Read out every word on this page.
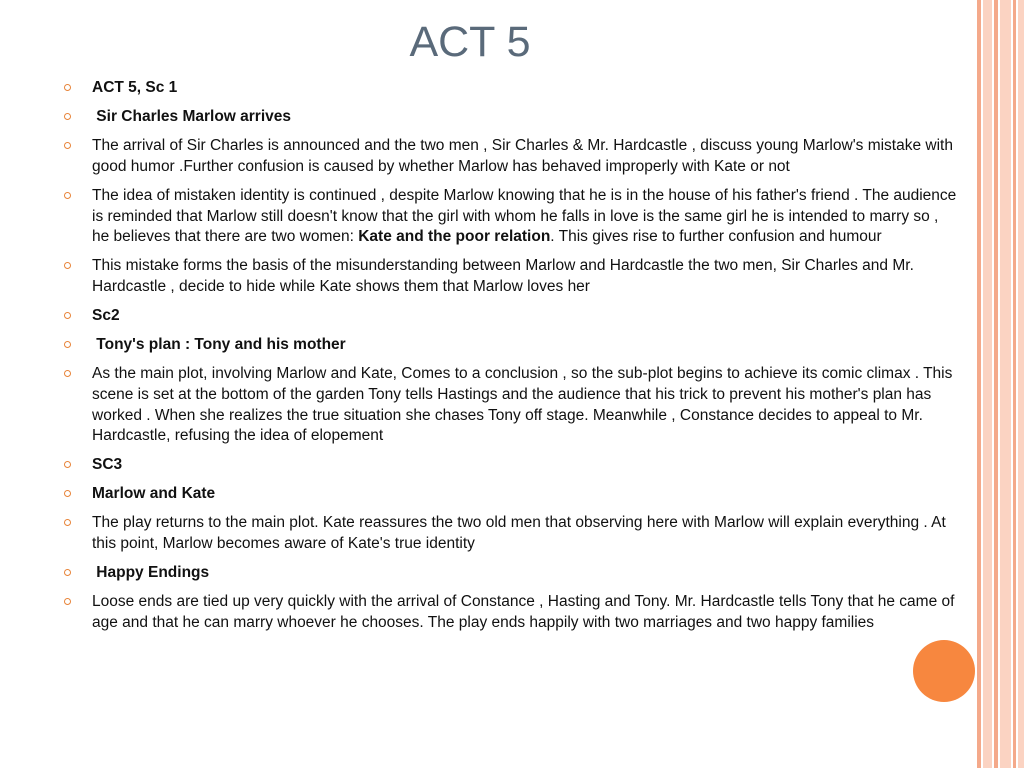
ACT 5
ACT 5, Sc 1
Sir Charles Marlow arrives
The arrival of Sir Charles is announced and the two men , Sir Charles & Mr. Hardcastle , discuss young Marlow's mistake with good humor .Further confusion is caused by whether Marlow has behaved improperly with Kate or not
The idea of mistaken identity is continued , despite Marlow knowing that he is in the house of his father's friend . The audience is reminded that Marlow still doesn't know that the girl with whom he falls in love is the same girl he is intended to marry so , he believes that there are two women: Kate and the poor relation. This gives rise to further confusion and humour
This mistake forms the basis of the misunderstanding between Marlow and Hardcastle the two men, Sir Charles and Mr. Hardcastle , decide to hide while Kate shows them that Marlow loves her
Sc2
Tony's plan : Tony and his mother
As the main plot, involving Marlow and Kate, Comes to a conclusion , so the sub-plot begins to achieve its comic climax . This scene is set at the bottom of the garden Tony tells Hastings and the audience that his trick to prevent his mother's plan has worked . When she realizes the true situation she chases Tony off stage. Meanwhile , Constance decides to appeal to Mr. Hardcastle, refusing the idea of elopement
SC3
Marlow and Kate
The play returns to the main plot. Kate reassures the two old men that observing here with Marlow will explain everything . At this point, Marlow becomes aware of Kate's true identity
Happy Endings
Loose ends are tied up very quickly with the arrival of Constance , Hasting and Tony. Mr. Hardcastle tells Tony that he came of age and that he can marry whoever he chooses. The play ends happily with two marriages and two happy families
